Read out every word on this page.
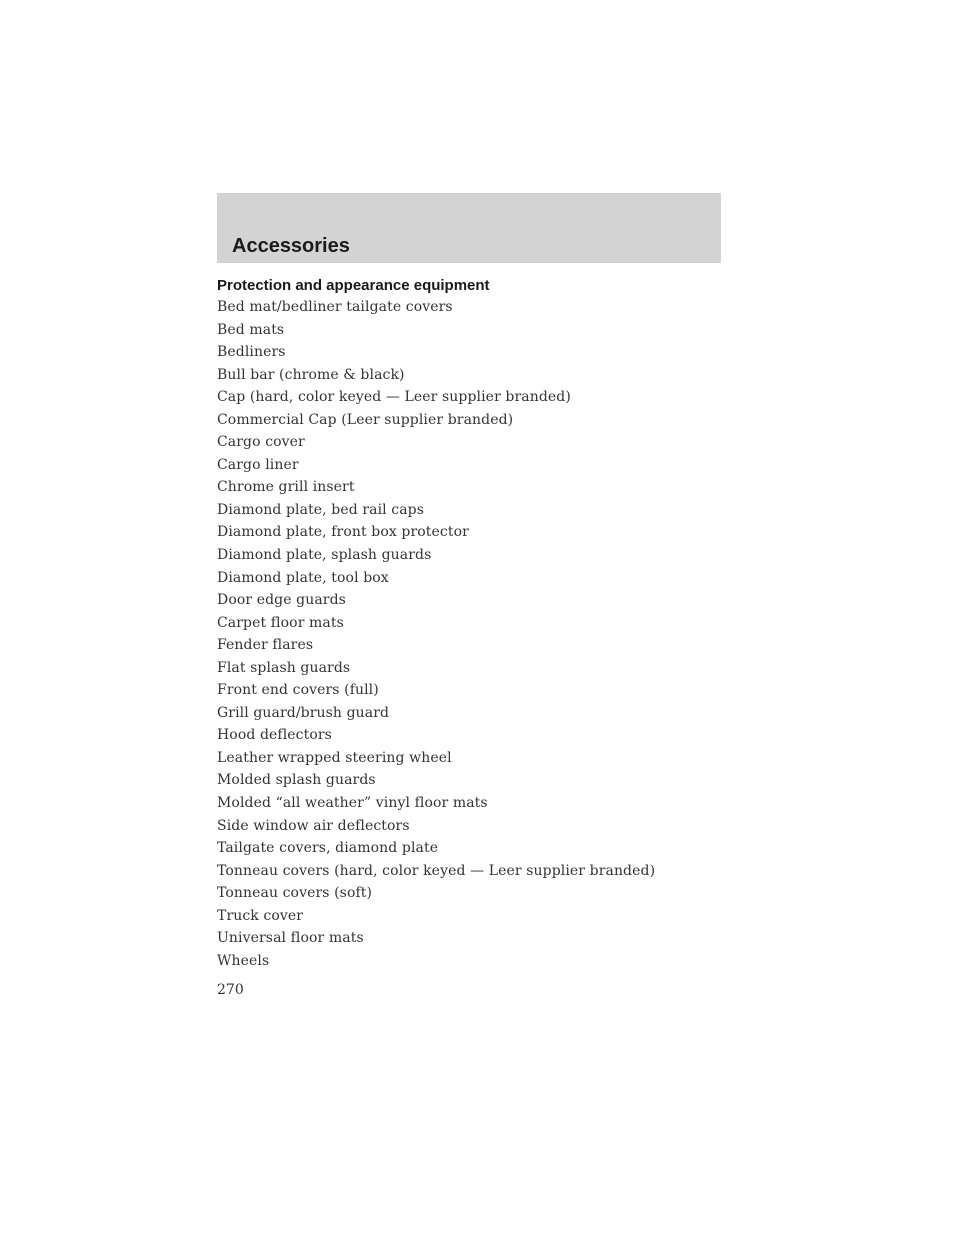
Accessories
Protection and appearance equipment
Bed mat/bedliner tailgate covers
Bed mats
Bedliners
Bull bar (chrome & black)
Cap (hard, color keyed — Leer supplier branded)
Commercial Cap (Leer supplier branded)
Cargo cover
Cargo liner
Chrome grill insert
Diamond plate, bed rail caps
Diamond plate, front box protector
Diamond plate, splash guards
Diamond plate, tool box
Door edge guards
Carpet floor mats
Fender flares
Flat splash guards
Front end covers (full)
Grill guard/brush guard
Hood deflectors
Leather wrapped steering wheel
Molded splash guards
Molded “all weather” vinyl floor mats
Side window air deflectors
Tailgate covers, diamond plate
Tonneau covers (hard, color keyed — Leer supplier branded)
Tonneau covers (soft)
Truck cover
Universal floor mats
Wheels

270
